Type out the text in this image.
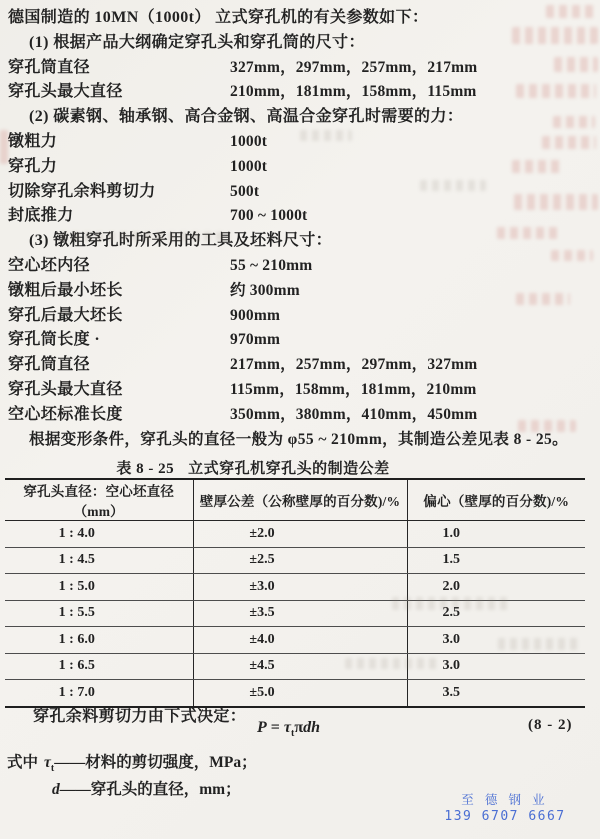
德国制造的 10MN（1000t） 立式穿孔机的有关参数如下：
(1) 根据产品大纲确定穿孔头和穿孔筒的尺寸：
穿孔筒直径	327mm，297mm，257mm，217mm
穿孔头最大直径	210mm，181mm，158mm，115mm
(2) 碳素钢、轴承钢、高合金钢、高温合金穿孔时需要的力：
镦粗力	1000t
穿孔力	1000t
切除穿孔余料剪切力	500t
封底推力	700 ~ 1000t
(3) 镦粗穿孔时所采用的工具及坯料尺寸：
空心坯内径	55 ~ 210mm
镦粗后最小坯长	约 300mm
穿孔后最大坯长	900mm
穿孔筒长度 ·	970mm
穿孔筒直径	217mm，257mm，297mm，327mm
穿孔头最大直径	115mm，158mm，181mm，210mm
空心坯标准长度	350mm，380mm，410mm，450mm
根据变形条件，穿孔头的直径一般为 φ55 ~ 210mm，其制造公差见表 8 - 25。
表 8 - 25 立式穿孔机穿孔头的制造公差
穿孔头直径：空心坯直径（mm）	壁厚公差（公称壁厚的百分数)/%	偏心（壁厚的百分数)/%
1 : 4.0	±2.0	1.0
1 : 4.5	±2.5	1.5
1 : 5.0	±3.0	2.0
1 : 5.5	±3.5	2.5
1 : 6.0	±4.0	3.0
1 : 6.5	±4.5	3.0
1 : 7.0	±5.0	3.5
穿孔余料剪切力由下式决定：
$P = \tau_t\pi dh$	(8 - 2)
式中 $\tau_t——$材料的剪切强度，MPa；
d——穿孔头的直径，mm；
至 德 钢 业
139 6707 6667
